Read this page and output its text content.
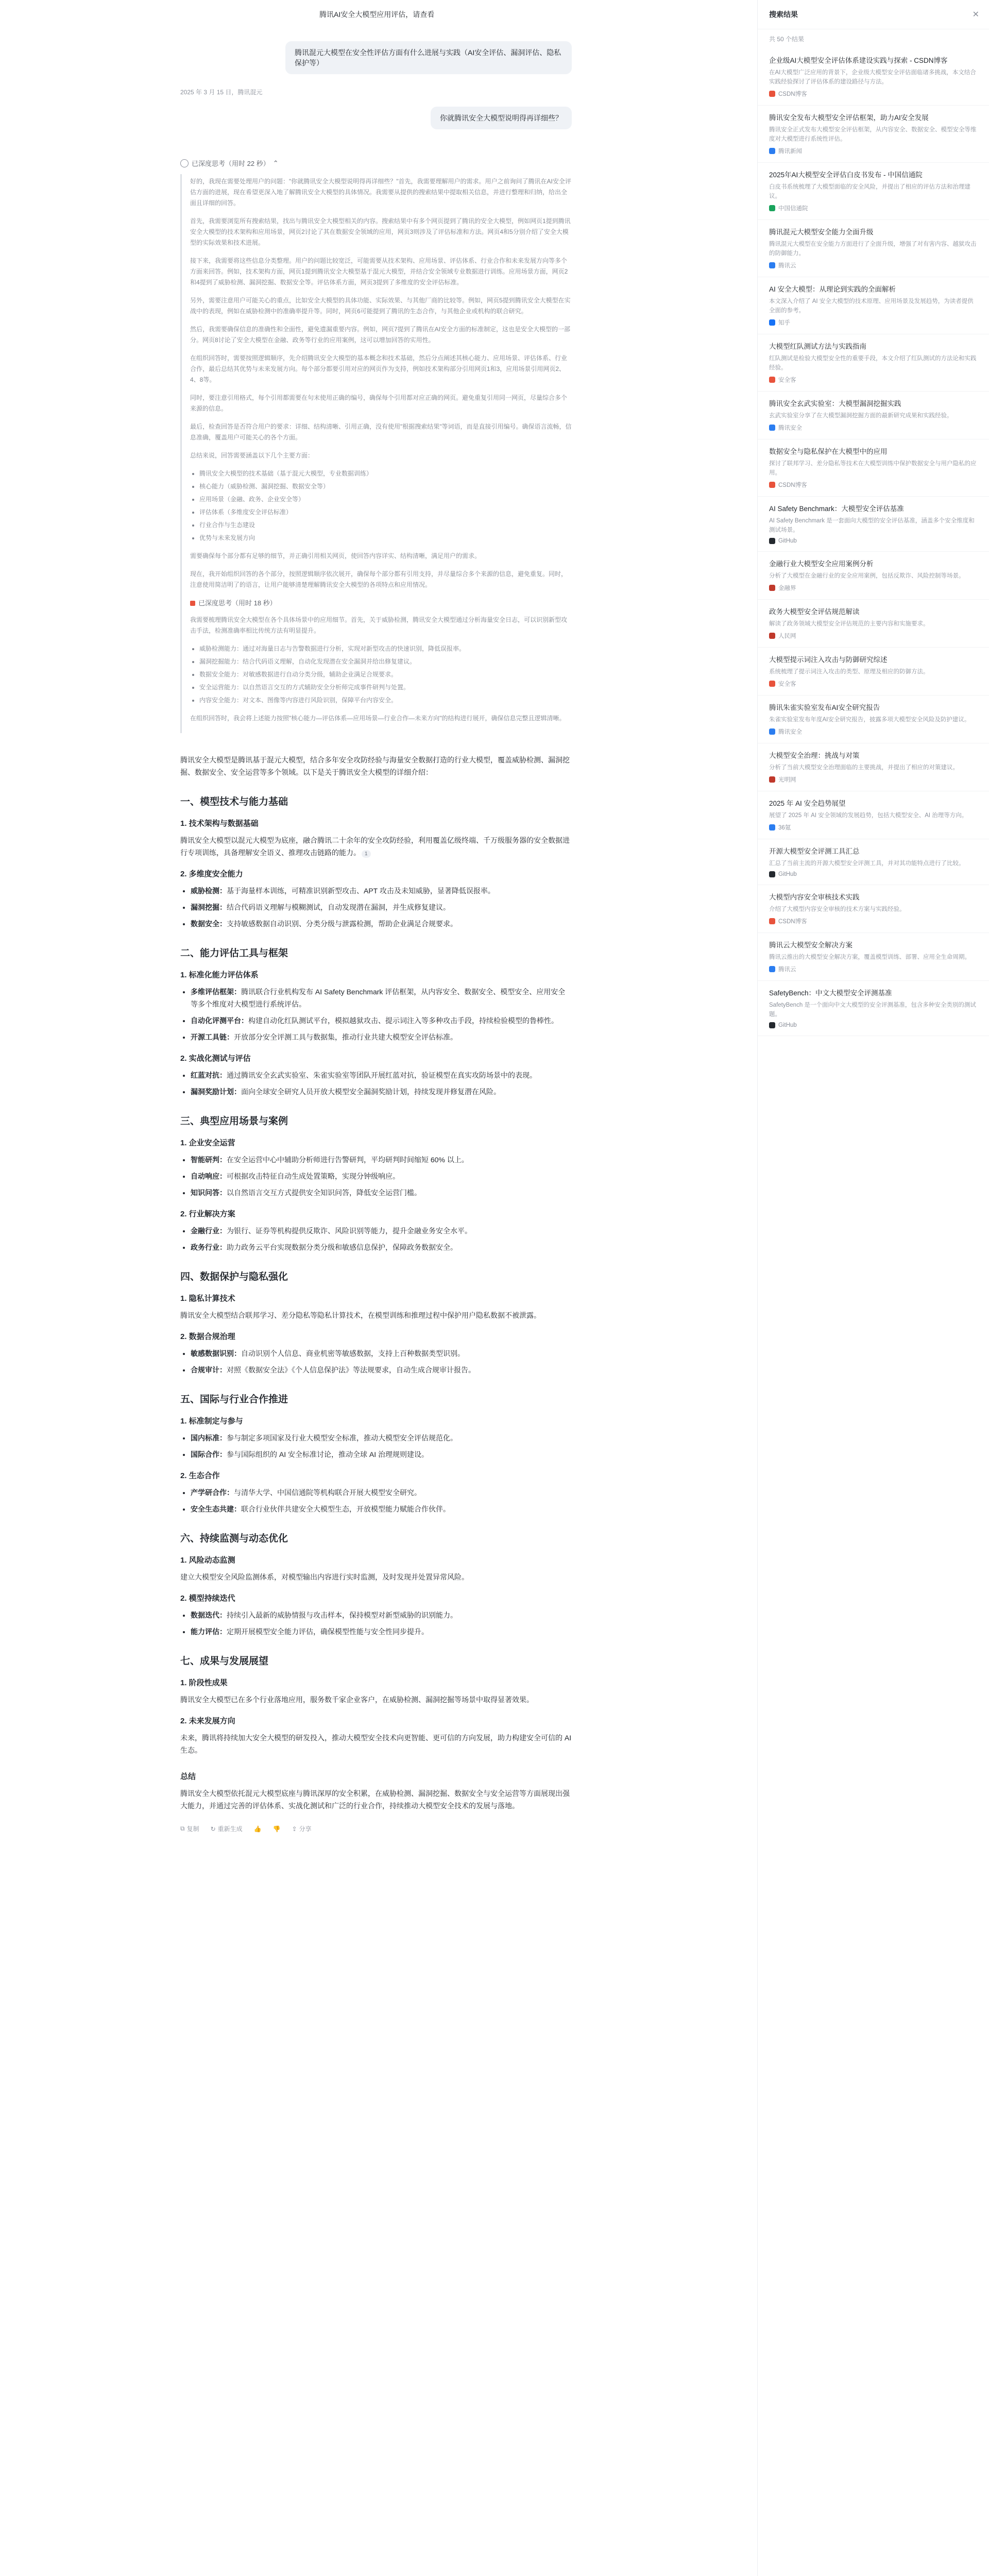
腾讯AI安全大模型应用评估，请查看
腾讯混元大模型在安全性评估方面有什么进展与实践（AI安全评估、漏洞评估、隐私保护等）
2025 年 3 月 15 日，腾讯混元
你就腾讯安全大模型说明得再详细些？
已深度思考（用时 22 秒） ⌃

好的，我现在需要处理用户的问题："你就腾讯安全大模型说明得再详细些？"首先，我需要理解用户的需求。用户之前询问了腾讯在AI安全评估方面的进展，现在希望更深入地了解腾讯安全大模型的具体情况。我需要从提供的搜索结果中提取相关信息，并进行整理和归纳，给出全面且详细的回答。

首先，我需要浏览所有搜索结果，找出与腾讯安全大模型相关的内容。搜索结果中有多个网页提到了腾讯的安全大模型，例如网页1提到腾讯安全大模型的技术架构和应用场景，网页2讨论了其在数据安全领域的应用，网页3则涉及了评估标准和方法。网页4和5分别介绍了安全大模型的实际效果和技术进展。

接下来，我需要将这些信息分类整理。用户的问题比较宽泛，可能需要从技术架构、应用场景、评估体系、行业合作和未来发展方向等多个方面来回答。例如，技术架构方面，网页1提到腾讯安全大模型基于混元大模型，并结合安全领域专业数据进行训练。应用场景方面，网页2和4提到了威胁检测、漏洞挖掘、数据安全等。评估体系方面，网页3提到了多维度的安全评估标准。

另外，需要注意用户可能关心的重点，比如安全大模型的具体功能、实际效果、与其他厂商的比较等。例如，网页5提到腾讯安全大模型在实战中的表现，例如在威胁检测中的准确率提升等。同时，网页6可能提到了腾讯的生态合作，与其他企业或机构的联合研究。

然后，我需要确保信息的准确性和全面性，避免遗漏重要内容。例如，网页7提到了腾讯在AI安全方面的标准制定，这也是安全大模型的一部分。网页8讨论了安全大模型在金融、政务等行业的应用案例，这可以增加回答的实用性。

在组织回答时，需要按照逻辑顺序，先介绍腾讯安全大模型的基本概念和技术基础，然后分点阐述其核心能力、应用场景、评估体系、行业合作，最后总结其优势与未来发展方向。每个部分都要引用对应的网页作为支持，例如技术架构部分引用网页1和3，应用场景引用网页2、4、8等。

同时，要注意引用格式，每个引用都需要在句末使用正确的编号，确保每个引用都对应正确的网页。避免重复引用同一网页，尽量综合多个来源的信息。

最后，检查回答是否符合用户的要求：详细、结构清晰、引用正确，没有使用"根据搜索结果"等词语，而是直接引用编号。确保语言流畅，信息准确，覆盖用户可能关心的各个方面。

总结来说，回答需要涵盖以下几个主要方面：

• 腾讯安全大模型的技术基础（基于混元大模型，专业数据训练）
• 核心能力（威胁检测、漏洞挖掘、数据安全等）
• 应用场景（金融、政务、企业安全等）
• 评估体系（多维度安全评估标准）
• 行业合作与生态建设
• 优势与未来发展方向

需要确保每个部分都有足够的细节，并正确引用相关网页，使回答内容详实、结构清晰，满足用户的需求。

现在，我开始组织回答的各个部分，按照逻辑顺序依次展开，确保每个部分都有引用支持，并尽量综合多个来源的信息，避免重复。同时，注意使用简洁明了的语言，让用户能够清楚理解腾讯安全大模型的各项特点和应用情况。

已深度思考（用时 18 秒）

我需要梳理腾讯安全大模型在各个具体场景中的应用细节。首先，关于威胁检测，腾讯安全大模型通过分析海量安全日志，可以识别新型攻击手法，检测准确率相比传统方法有明显提升。

• 威胁检测能力：通过对海量日志与告警数据进行分析，实现对新型攻击的快速识别，降低误报率。
• 漏洞挖掘能力：结合代码语义理解，自动化发现潜在安全漏洞并给出修复建议。
• 数据安全能力：对敏感数据进行自动分类分级，辅助企业满足合规要求。
• 安全运营能力：以自然语言交互的方式辅助安全分析师完成事件研判与处置。
• 内容安全能力：对文本、图像等内容进行风险识别，保障平台内容安全。

在组织回答时，我会将上述能力按照"核心能力—评估体系—应用场景—行业合作—未来方向"的结构进行展开，确保信息完整且逻辑清晰。

腾讯安全大模型是腾讯基于混元大模型，结合多年安全攻防经验与海量安全数据打造的行业大模型，覆盖威胁检测、漏洞挖掘、数据安全、安全运营等多个领域。以下是关于腾讯安全大模型的详细介绍：

一、模型技术与能力基础
1. 技术架构与数据基础

腾讯安全大模型以混元大模型为底座，融合腾讯二十余年的安全攻防经验，利用覆盖亿级终端、千万级服务器的安全数据进行专项训练，具备理解安全语义、推理攻击链路的能力。 1

2. 多维度安全能力
• 威胁检测：基于海量样本训练，可精准识别新型攻击、APT 攻击及未知威胁，显著降低误报率。
• 漏洞挖掘：结合代码语义理解与模糊测试，自动发现潜在漏洞，并生成修复建议。
• 数据安全：支持敏感数据自动识别、分类分级与泄露检测，帮助企业满足合规要求。
二、能力评估工具与框架
1. 标准化能力评估体系
• 多维评估框架：腾讯联合行业机构发布 AI Safety Benchmark 评估框架，从内容安全、数据安全、模型安全、应用安全等多个维度对大模型进行系统评估。
• 自动化评测平台：构建自动化红队测试平台，模拟越狱攻击、提示词注入等多种攻击手段，持续检验模型的鲁棒性。
• 开源工具链：开放部分安全评测工具与数据集，推动行业共建大模型安全评估标准。
2. 实战化测试与评估
• 红蓝对抗：通过腾讯安全玄武实验室、朱雀实验室等团队开展红蓝对抗，验证模型在真实攻防场景中的表现。
• 漏洞奖励计划：面向全球安全研究人员开放大模型安全漏洞奖励计划，持续发现并修复潜在风险。
三、典型应用场景与案例
1. 企业安全运营
• 智能研判：在安全运营中心中辅助分析师进行告警研判，平均研判时间缩短 60% 以上。
• 自动响应：可根据攻击特征自动生成处置策略，实现分钟级响应。
• 知识问答：以自然语言交互方式提供安全知识问答，降低安全运营门槛。
2. 行业解决方案
• 金融行业：为银行、证券等机构提供反欺诈、风险识别等能力，提升金融业务安全水平。
• 政务行业：助力政务云平台实现数据分类分级和敏感信息保护，保障政务数据安全。
四、数据保护与隐私强化
1. 隐私计算技术

腾讯安全大模型结合联邦学习、差分隐私等隐私计算技术，在模型训练和推理过程中保护用户隐私数据不被泄露。

2. 数据合规治理
• 敏感数据识别：自动识别个人信息、商业机密等敏感数据，支持上百种数据类型识别。
• 合规审计：对照《数据安全法》《个人信息保护法》等法规要求，自动生成合规审计报告。
五、国际与行业合作推进
1. 标准制定与参与
• 国内标准：参与制定多项国家及行业大模型安全标准，推动大模型安全评估规范化。
• 国际合作：参与国际组织的 AI 安全标准讨论，推动全球 AI 治理规则建设。
2. 生态合作
• 产学研合作：与清华大学、中国信通院等机构联合开展大模型安全研究。
• 安全生态共建：联合行业伙伴共建安全大模型生态，开放模型能力赋能合作伙伴。
六、持续监测与动态优化
1. 风险动态监测

建立大模型安全风险监测体系，对模型输出内容进行实时监测，及时发现并处置异常风险。

2. 模型持续迭代
• 数据迭代：持续引入最新的威胁情报与攻击样本，保持模型对新型威胁的识别能力。
• 能力评估：定期开展模型安全能力评估，确保模型性能与安全性同步提升。
七、成果与发展展望
1. 阶段性成果

腾讯安全大模型已在多个行业落地应用，服务数千家企业客户，在威胁检测、漏洞挖掘等场景中取得显著效果。

2. 未来发展方向

未来，腾讯将持续加大安全大模型的研发投入，推动大模型安全技术向更智能、更可信的方向发展，助力构建安全可信的 AI 生态。

总结

腾讯安全大模型依托混元大模型底座与腾讯深厚的安全积累，在威胁检测、漏洞挖掘、数据安全与安全运营等方面展现出强大能力，并通过完善的评估体系、实战化测试和广泛的行业合作，持续推动大模型安全技术的发展与落地。

⧉ 复制 ↻ 重新生成 👍 👎 ⇪ 分享
搜索结果	✕
共 50 个结果
企业级AI大模型安全评估体系建设实践与探索 - CSDN博客
在AI大模型广泛应用的背景下，企业级大模型安全评估面临诸多挑战，本文结合实践经验探讨了评估体系的建设路径与方法。
CSDN博客
腾讯安全发布大模型安全评估框架，助力AI安全发展
腾讯安全正式发布大模型安全评估框架，从内容安全、数据安全、模型安全等维度对大模型进行系统性评估。
腾讯新闻
2025年AI大模型安全评估白皮书发布 - 中国信通院
白皮书系统梳理了大模型面临的安全风险，并提出了相应的评估方法和治理建议。
中国信通院
腾讯混元大模型安全能力全面升级
腾讯混元大模型在安全能力方面进行了全面升级，增强了对有害内容、越狱攻击的防御能力。
腾讯云
AI 安全大模型：从理论到实践的全面解析
本文深入介绍了 AI 安全大模型的技术原理、应用场景及发展趋势，为读者提供全面的参考。
知乎
大模型红队测试方法与实践指南
红队测试是检验大模型安全性的重要手段，本文介绍了红队测试的方法论和实践经验。
安全客
腾讯安全玄武实验室：大模型漏洞挖掘实践
玄武实验室分享了在大模型漏洞挖掘方面的最新研究成果和实践经验。
腾讯安全
数据安全与隐私保护在大模型中的应用
探讨了联邦学习、差分隐私等技术在大模型训练中保护数据安全与用户隐私的应用。
CSDN博客
AI Safety Benchmark：大模型安全评估基准
AI Safety Benchmark 是一套面向大模型的安全评估基准，涵盖多个安全维度和测试场景。
GitHub
金融行业大模型安全应用案例分析
分析了大模型在金融行业的安全应用案例，包括反欺诈、风险控制等场景。
金融界
政务大模型安全评估规范解读
解读了政务领域大模型安全评估规范的主要内容和实施要求。
人民网
大模型提示词注入攻击与防御研究综述
系统梳理了提示词注入攻击的类型、原理及相应的防御方法。
安全客
腾讯朱雀实验室发布AI安全研究报告
朱雀实验室发布年度AI安全研究报告，披露多项大模型安全风险及防护建议。
腾讯安全
大模型安全治理：挑战与对策
分析了当前大模型安全治理面临的主要挑战，并提出了相应的对策建议。
光明网
2025 年 AI 安全趋势展望
展望了 2025 年 AI 安全领域的发展趋势，包括大模型安全、AI 治理等方向。
36氪
开源大模型安全评测工具汇总
汇总了当前主流的开源大模型安全评测工具，并对其功能特点进行了比较。
GitHub
大模型内容安全审核技术实践
介绍了大模型内容安全审核的技术方案与实践经验。
CSDN博客
腾讯云大模型安全解决方案
腾讯云推出的大模型安全解决方案，覆盖模型训练、部署、应用全生命周期。
腾讯云
SafetyBench：中文大模型安全评测基准
SafetyBench 是一个面向中文大模型的安全评测基准，包含多种安全类别的测试题。
GitHub
